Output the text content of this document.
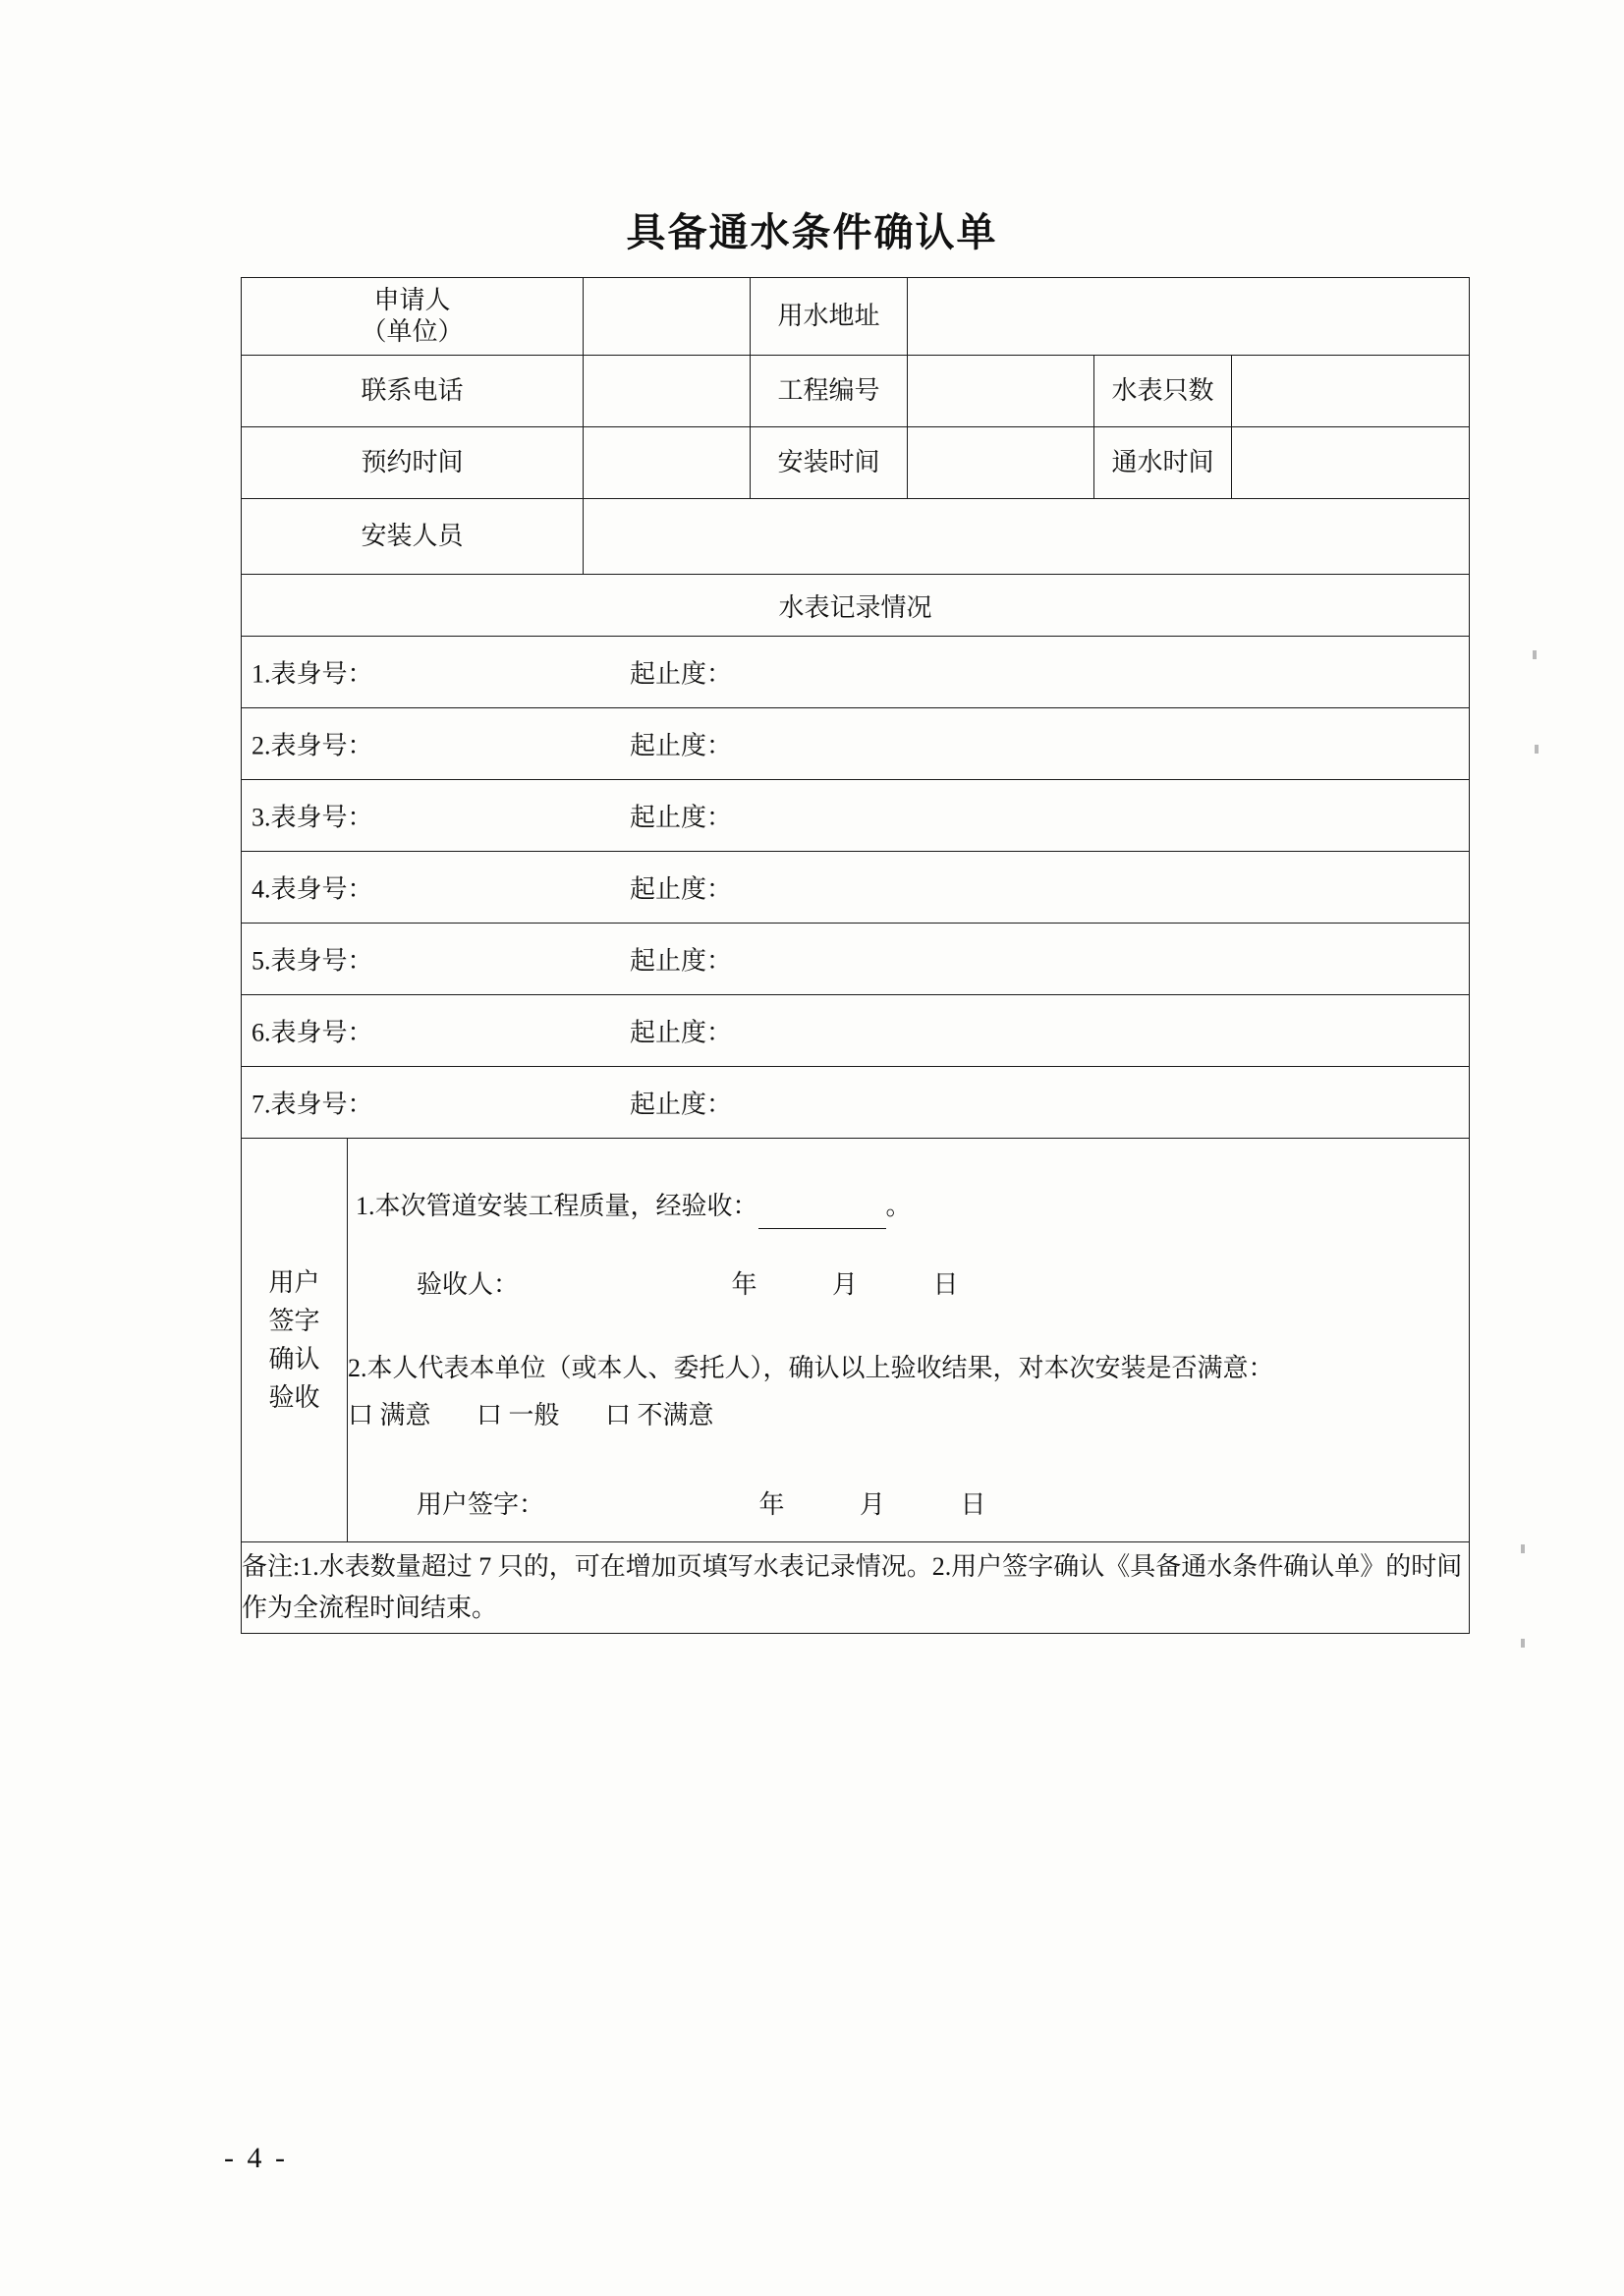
具备通水条件确认单
申请人
（单位）			用水地址			
联系电话			工程编号		水表只数	
预约时间			安装时间		通水时间	
安装人员						
水表记录情况						

1.表身号： 起止度：						

2.表身号： 起止度：						

3.表身号： 起止度：						

4.表身号： 起止度：						

5.表身号： 起止度：						

6.表身号： 起止度：						

7.表身号： 起止度：						

用户
签字
确认
验收

1.本次管道安装工程质量，经验收：	。
验收人：	年	月	日
2.本人代表本单位（或本人、委托人），确认以上验收结果，对本次安装是否满意：
口 满意 口 一般 口 不满意
用户签字：	年	月	日

备注:1.水表数量超过 7 只的，可在增加页填写水表记录情况。2.用户签字确认《具备通水条件确认单》的时间作为全流程时间结束。						
- 4 -
